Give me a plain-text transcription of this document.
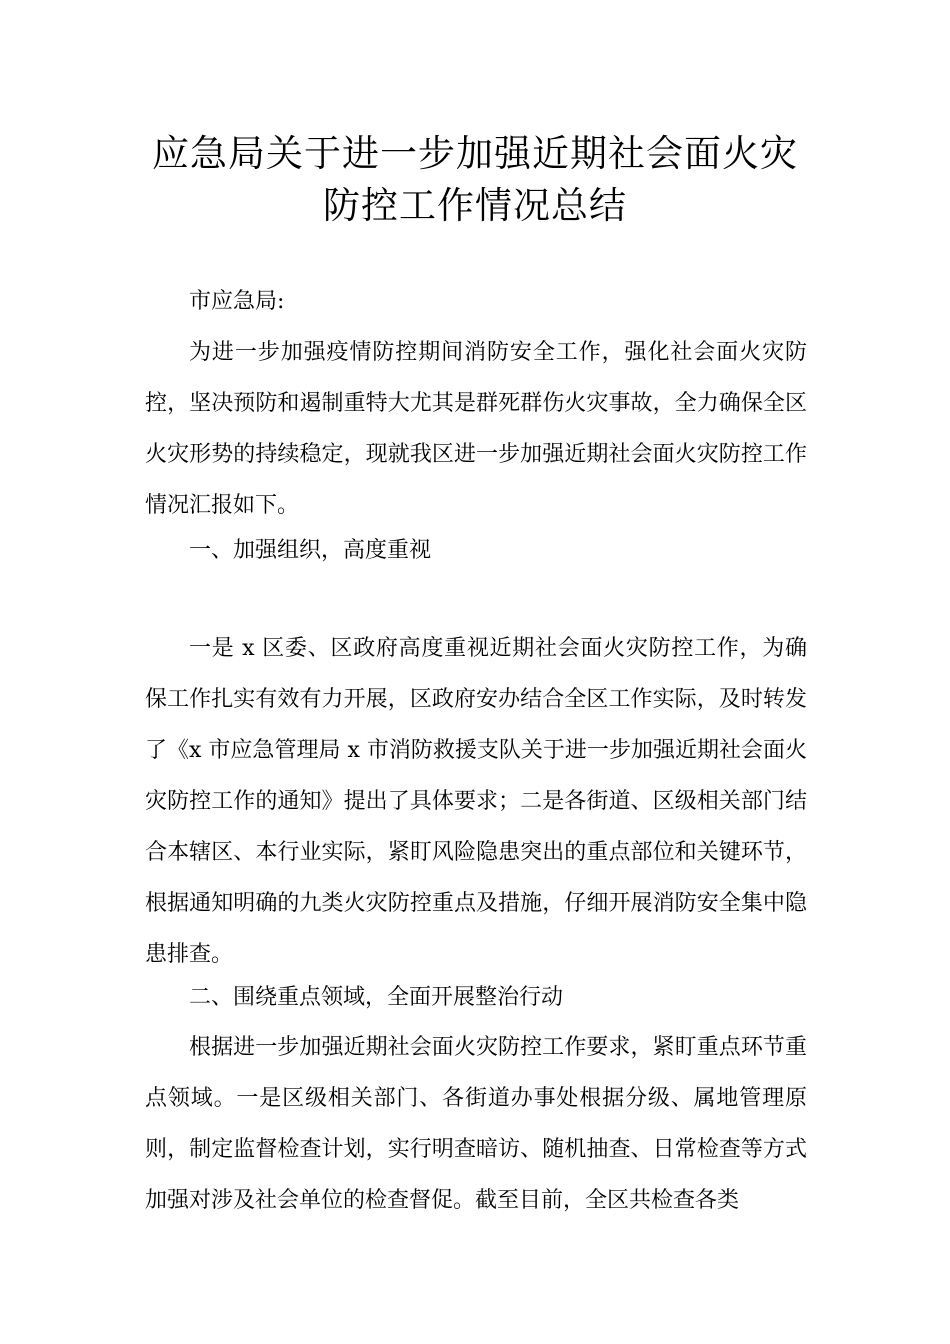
应急局关于进一步加强近期社会面火灾
防控工作情况总结

市应急局:

为进一步加强疫情防控期间消防安全工作，强化社会面火灾防控，坚决预防和遏制重特大尤其是群死群伤火灾事故，全力确保全区火灾形势的持续稳定，现就我区进一步加强近期社会面火灾防控工作情况汇报如下。

一、加强组织，高度重视

一是 x 区委、区政府高度重视近期社会面火灾防控工作，为确保工作扎实有效有力开展，区政府安办结合全区工作实际，及时转发了《x 市应急管理局 x 市消防救援支队关于进一步加强近期社会面火灾防控工作的通知》提出了具体要求；二是各街道、区级相关部门结合本辖区、本行业实际，紧盯风险隐患突出的重点部位和关键环节，根据通知明确的九类火灾防控重点及措施，仔细开展消防安全集中隐患排查。

二、围绕重点领域，全面开展整治行动

根据进一步加强近期社会面火灾防控工作要求，紧盯重点环节重点领域。一是区级相关部门、各街道办事处根据分级、属地管理原则，制定监督检查计划，实行明查暗访、随机抽查、日常检查等方式加强对涉及社会单位的检查督促。截至目前，全区共检查各类
